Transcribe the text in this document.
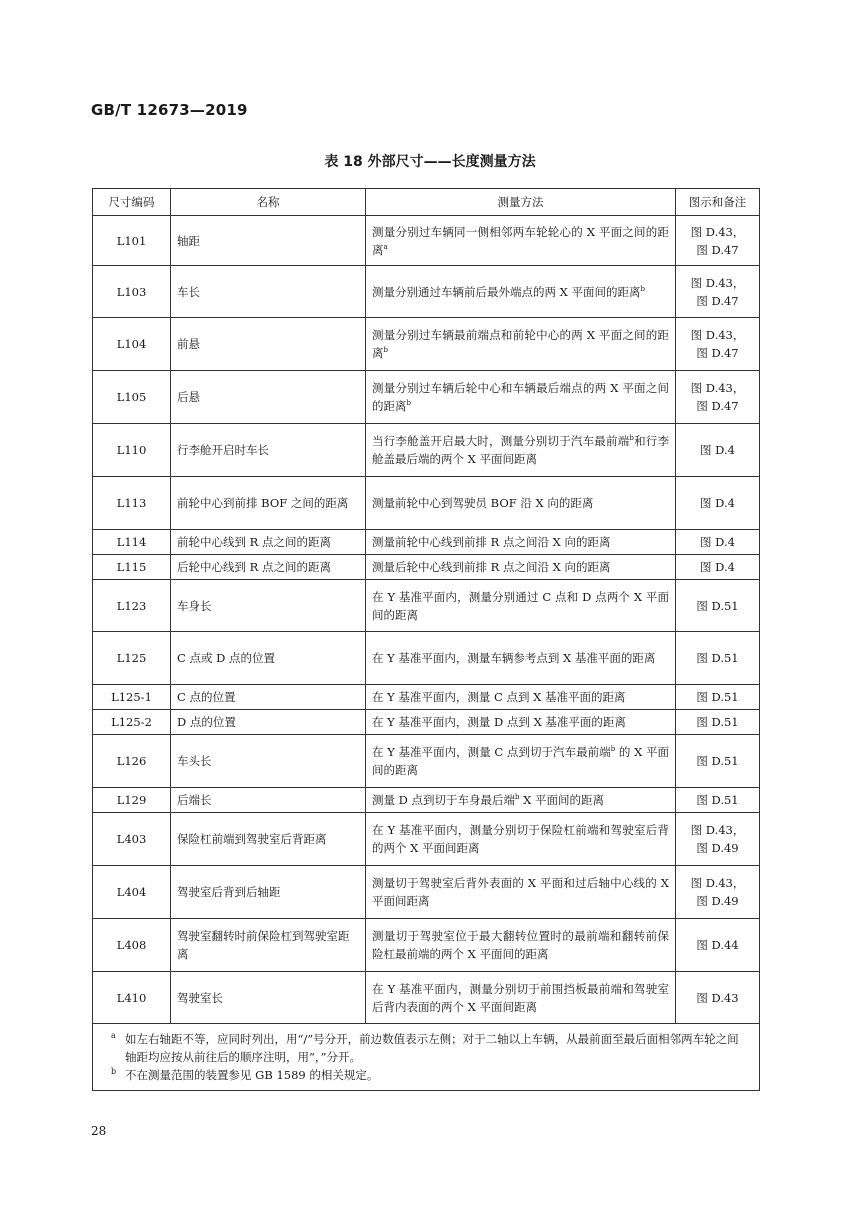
GB/T 12673—2019
表 18 外部尺寸——长度测量方法
尺寸编码	名称	测量方法	图示和备注
L101	轴距	测量分别过车辆同一侧相邻两车轮轮心的 X 平面之间的距离$^a$	图 D.43，
图 D.47

L103	车长	测量分别通过车辆前后最外端点的两 X 平面间的距离$^b$	图 D.43，
图 D.47

L104	前悬	测量分别过车辆最前端点和前轮中心的两 X 平面之间的距离$^b$	图 D.43，
图 D.47

L105	后悬	测量分别过车辆后轮中心和车辆最后端点的两 X 平面之间的距离$^b$	图 D.43，
图 D.47

L110	行李舱开启时车长	当行李舱盖开启最大时，测量分别切于汽车最前端$^b$和行李舱盖最后端的两个 X 平面间距离	图 D.4

L113	前轮中心到前排 BOF 之间的距离	测量前轮中心到驾驶员 BOF 沿 X 向的距离	图 D.4

L114	前轮中心线到 R 点之间的距离	测量前轮中心线到前排 R 点之间沿 X 向的距离	图 D.4

L115	后轮中心线到 R 点之间的距离	测量后轮中心线到前排 R 点之间沿 X 向的距离	图 D.4

L123	车身长	在 Y 基准平面内，测量分别通过 C 点和 D 点两个 X 平面间的距离	图 D.51

L125	C 点或 D 点的位置	在 Y 基准平面内，测量车辆参考点到 X 基准平面的距离	图 D.51

L125-1	C 点的位置	在 Y 基准平面内，测量 C 点到 X 基准平面的距离	图 D.51

L125-2	D 点的位置	在 Y 基准平面内，测量 D 点到 X 基准平面的距离	图 D.51

L126	车头长	在 Y 基准平面内，测量 C 点到切于汽车最前端$^b$ 的 X 平面间的距离	图 D.51

L129	后端长	测量 D 点到切于车身最后端$^b$ X 平面间的距离	图 D.51

L403	保险杠前端到驾驶室后背距离	在 Y 基准平面内，测量分别切于保险杠前端和驾驶室后背的两个 X 平面间距离	图 D.43，
图 D.49

L404	驾驶室后背到后轴距	测量切于驾驶室后背外表面的 X 平面和过后轴中心线的 X 平面间距离	图 D.43，
图 D.49

L408	驾驶室翻转时前保险杠到驾驶室距离	测量切于驾驶室位于最大翻转位置时的最前端和翻转前保险杠最前端的两个 X 平面间的距离	图 D.44

L410	驾驶室长	在 Y 基准平面内，测量分别切于前围挡板最前端和驾驶室后背内表面的两个 X 平面间距离	图 D.43

a 如左右轴距不等，应同时列出，用“/”号分开，前边数值表示左侧；对于二轴以上车辆，从最前面至最后面相邻两车轮之间轴距均应按从前往后的顺序注明，用“，”分开。
b 不在测量范围的装置参见 GB 1589 的相关规定。			
28
